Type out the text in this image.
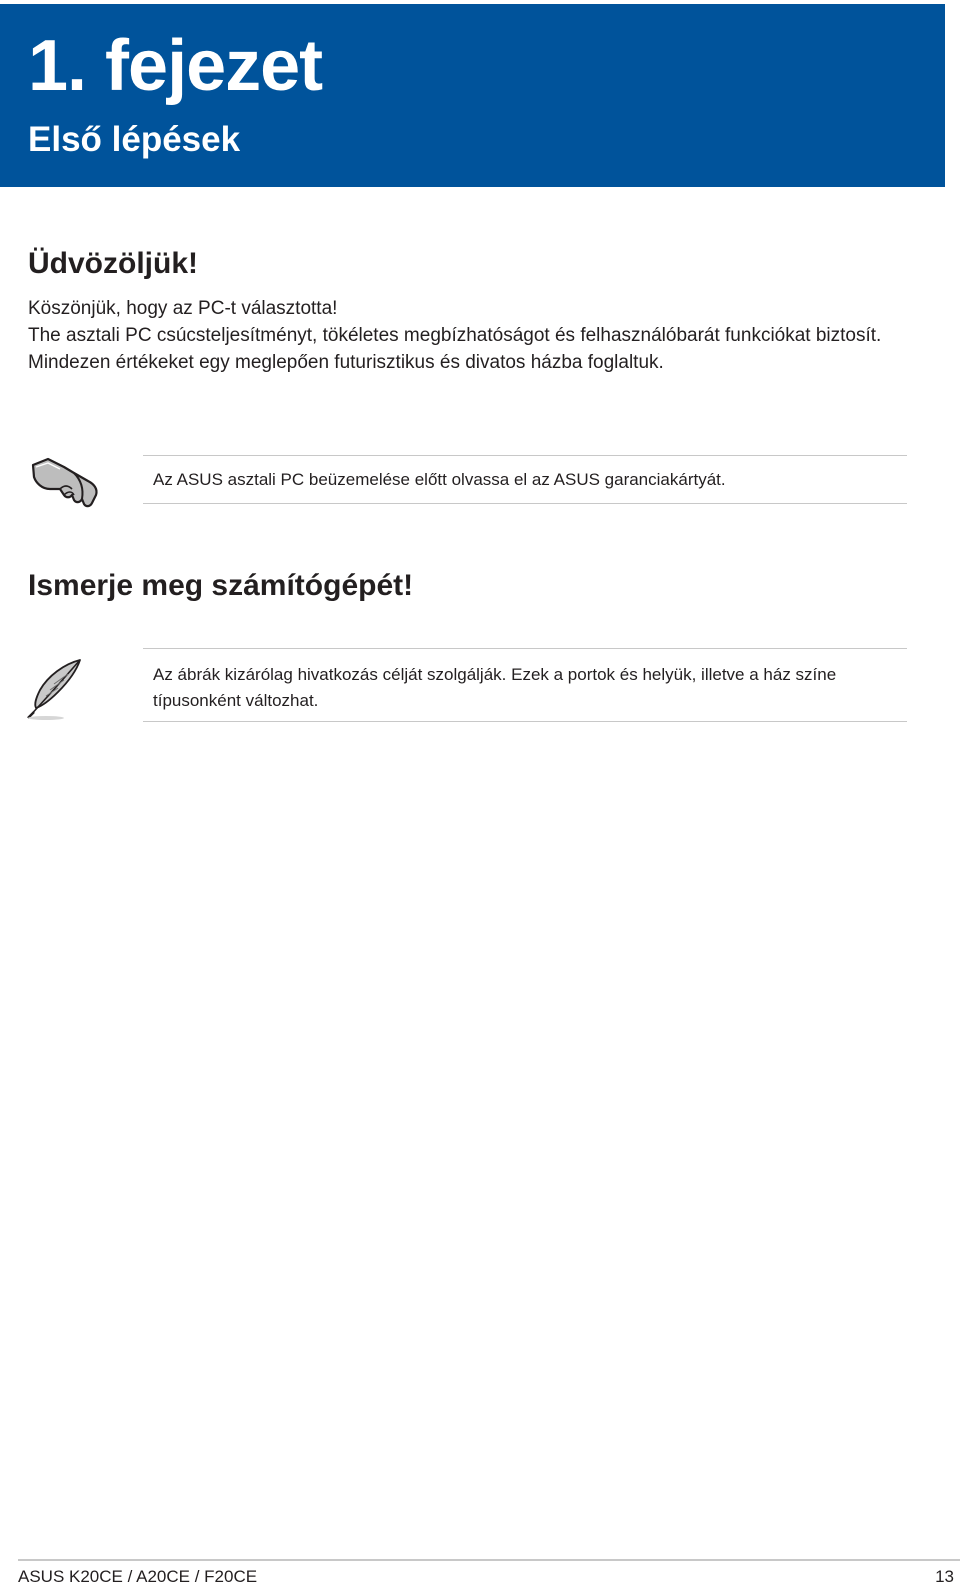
1. fejezet
Első lépések
Üdvözöljük!

Köszönjük, hogy az PC-t választotta!

The asztali PC csúcsteljesítményt, tökéletes megbízhatóságot és felhasználóbarát funkciókat biztosít. Mindezen értékeket egy meglepően futurisztikus és divatos házba foglaltuk.

Az ASUS asztali PC beüzemelése előtt olvassa el az ASUS garanciakártyát.
Ismerje meg számítógépét!
Az ábrák kizárólag hivatkozás célját szolgálják. Ezek a portok és helyük, illetve a ház színe típusonként változhat.
ASUS K20CE / A20CE / F20CE	13
